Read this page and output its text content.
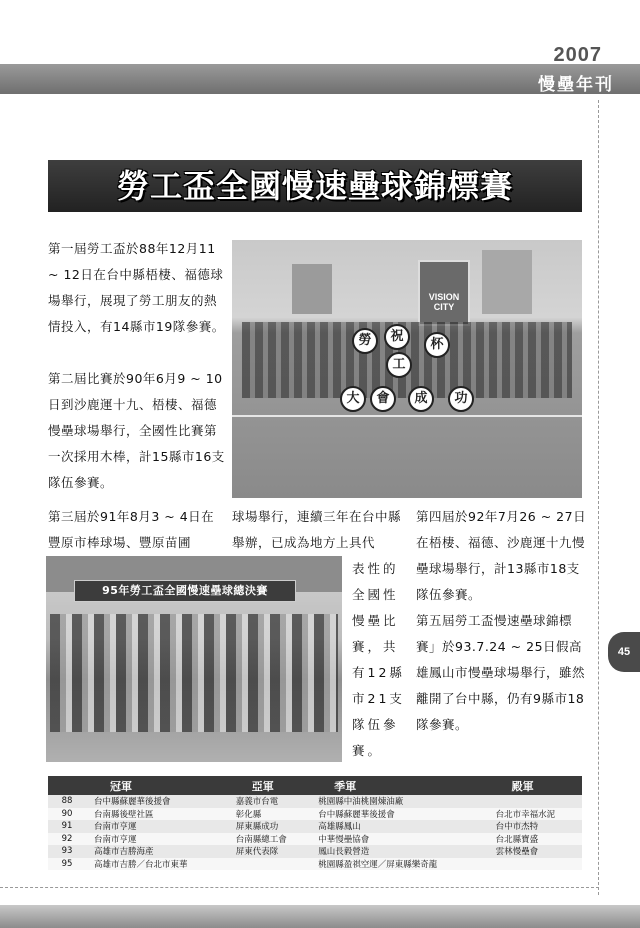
2007
慢壘年刊
勞工盃全國慢速壘球錦標賽

第一屆勞工盃於88年12月11 ~ 12日在台中縣梧棲、福德球場舉行，展現了勞工朋友的熱情投入，有14縣市19隊參賽。

第二屆比賽於90年6月9 ~ 10日到沙鹿運十九、梧棲、福德慢壘球場舉行，全國性比賽第一次採用木棒，計15縣市16支隊伍參賽。

第三屆於91年8月3 ~ 4日在豐原市棒球場、豐原苗圃

球場舉行，連續三年在台中縣舉辦，已成為地方上具代

表性的全國性慢壘比賽，共有12縣市21支隊伍參賽。

第四屆於92年7月26 ~ 27日在梧棲、福德、沙鹿運十九慢壘球場舉行，計13縣市18支隊伍參賽。

第五屆勞工盃慢速壘球錦標賽」於93.7.24 ~ 25日假高雄鳳山市慢壘球場舉行，雖然離開了台中縣，仍有9縣市18隊參賽。

VISION CITY
勞	祝
工
杯
大	會	成	功
95年勞工盃全國慢速壘球總決賽
	冠軍	亞軍	季軍	殿軍
88	台中縣蘇麗華後援會	嘉義市台電	桃園縣中油桃園煉油廠	
90	台南縣後壁社區	彰化縣	台中縣蘇麗華後援會	台北市幸福水泥
91	台南市亨運	屏東縣成功	高雄縣鳳山	台中市杰特
92	台南市亨運	台南縣總工會	中華慢壘協會	台北縣寶盛
93	高雄市吉勝海產	屏東代表隊	鳳山長毅營造	雲林慢壘會
95	高雄市吉勝／台北市東華		桃園縣盈祺空運／屏東縣樂奇龍	
45
